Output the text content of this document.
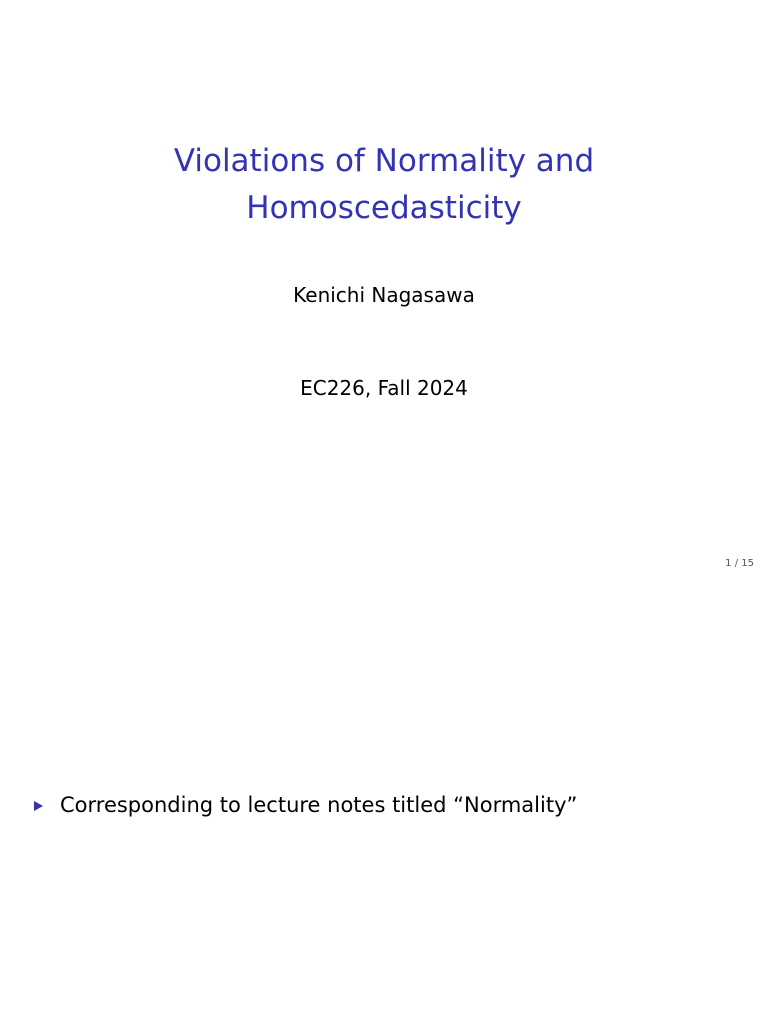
Violations of Normality and
Homoscedasticity
Kenichi Nagasawa
EC226, Fall 2024
1 / 15
Corresponding to lecture notes titled “Normality”
